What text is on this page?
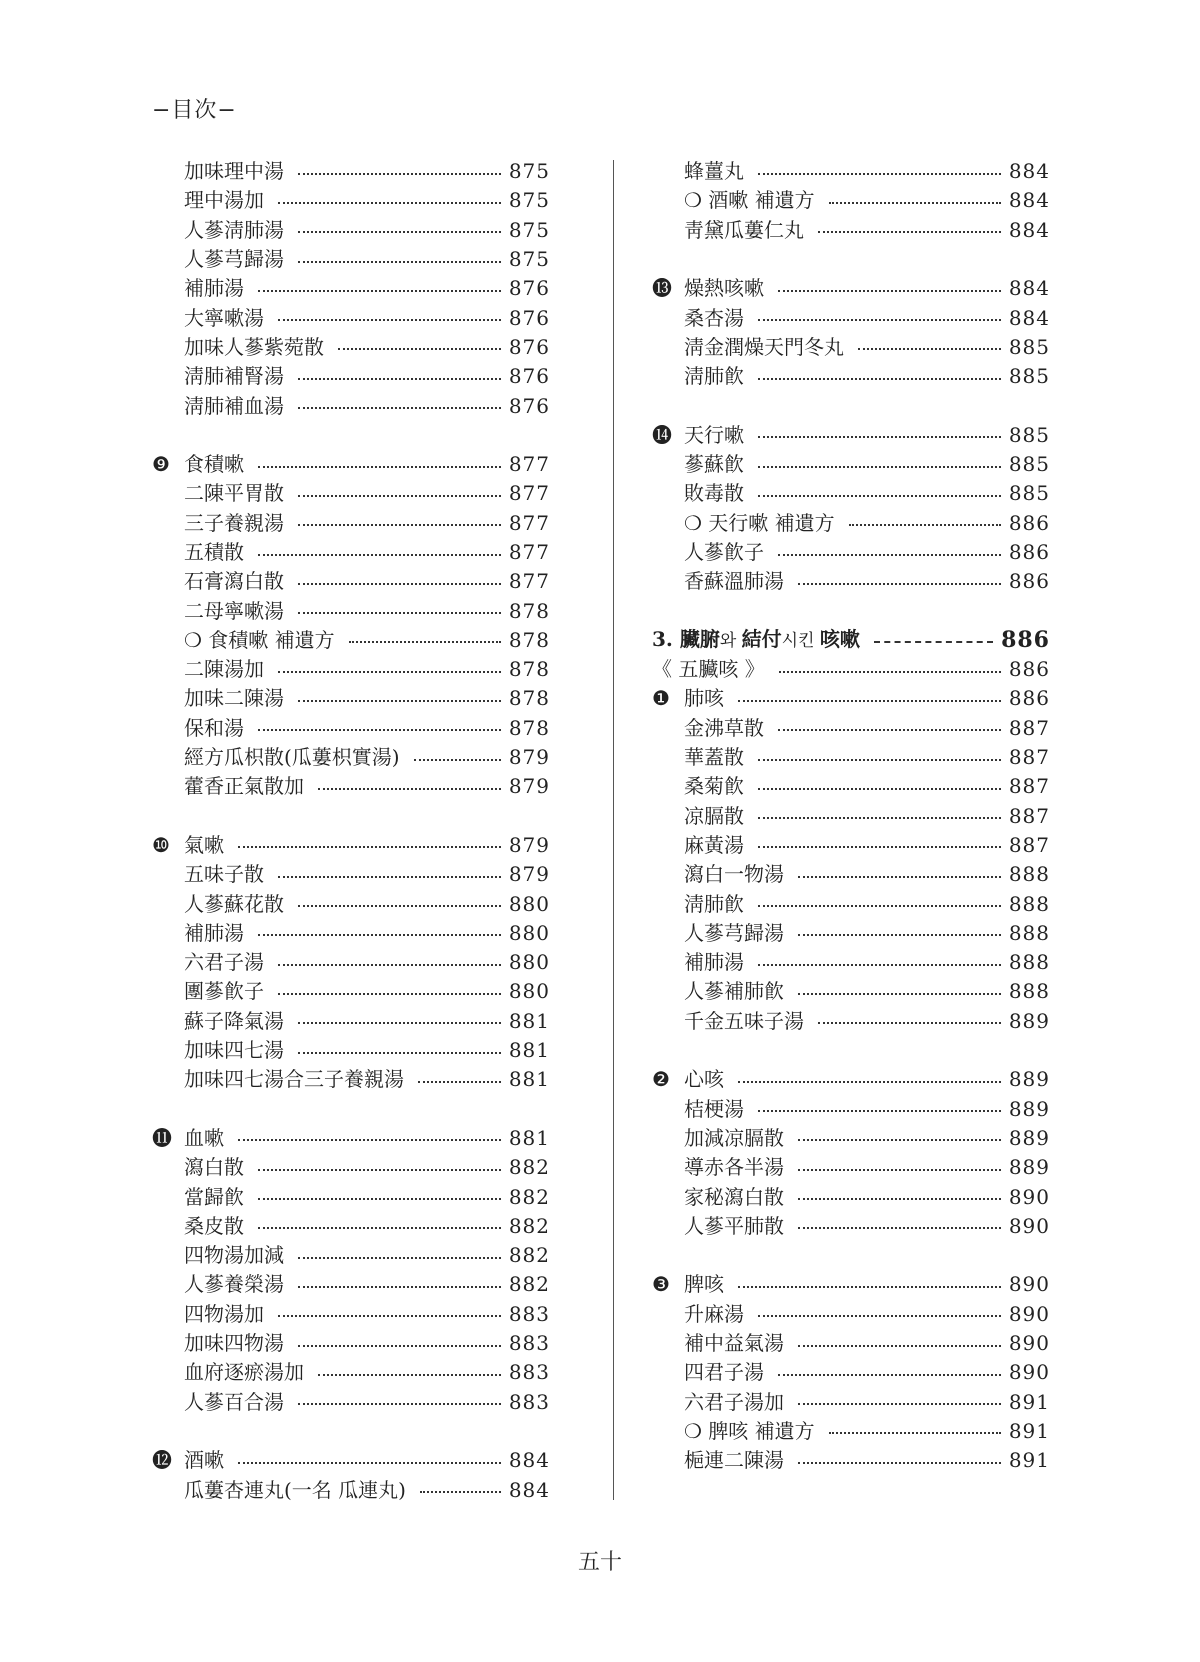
−目次−
加味理中湯	875
理中湯加	875
人蔘淸肺湯	875
人蔘芎歸湯	875
補肺湯	876
大寧嗽湯	876
加味人蔘紫菀散	876
淸肺補腎湯	876
淸肺補血湯	876
❾ 食積嗽	877
二陳平胃散	877
三子養親湯	877
五積散	877
石膏瀉白散	877
二母寧嗽湯	878
❍ 食積嗽 補遺方	878
二陳湯加	878
加味二陳湯	878
保和湯	878
經方瓜枳散(瓜蔞枳實湯)	879
藿香正氣散加	879
❿ 氣嗽	879
五味子散	879
人蔘蘇花散	880
補肺湯	880
六君子湯	880
團蔘飮子	880
蘇子降氣湯	881
加味四七湯	881
加味四七湯合三子養親湯	881
⓫ 血嗽	881
瀉白散	882
當歸飮	882
桑皮散	882
四物湯加減	882
人蔘養榮湯	882
四物湯加	883
加味四物湯	883
血府逐瘀湯加	883
人蔘百合湯	883
⓬ 酒嗽	884
瓜蔞杏連丸(一名 瓜連丸)	884
蜂薑丸	884
❍ 酒嗽 補遺方	884
靑黛瓜蔞仁丸	884
⓭ 燥熱咳嗽	884
桑杏湯	884
淸金潤燥天門冬丸	885
淸肺飮	885
⓮ 天行嗽	885
蔘蘇飮	885
敗毒散	885
❍ 天行嗽 補遺方	886
人蔘飮子	886
香蘇溫肺湯	886
3. 臟腑와 結付시킨 咳嗽	886
《 五臟咳 》	886
❶ 肺咳	886
金沸草散	887
華蓋散	887
桑菊飮	887
凉膈散	887
麻黃湯	887
瀉白一物湯	888
淸肺飮	888
人蔘芎歸湯	888
補肺湯	888
人蔘補肺飮	888
千金五味子湯	889
❷ 心咳	889
桔梗湯	889
加減凉膈散	889
導赤各半湯	889
家秘瀉白散	890
人蔘平肺散	890
❸ 脾咳	890
升麻湯	890
補中益氣湯	890
四君子湯	890
六君子湯加	891
❍ 脾咳 補遺方	891
梔連二陳湯	891
五十
